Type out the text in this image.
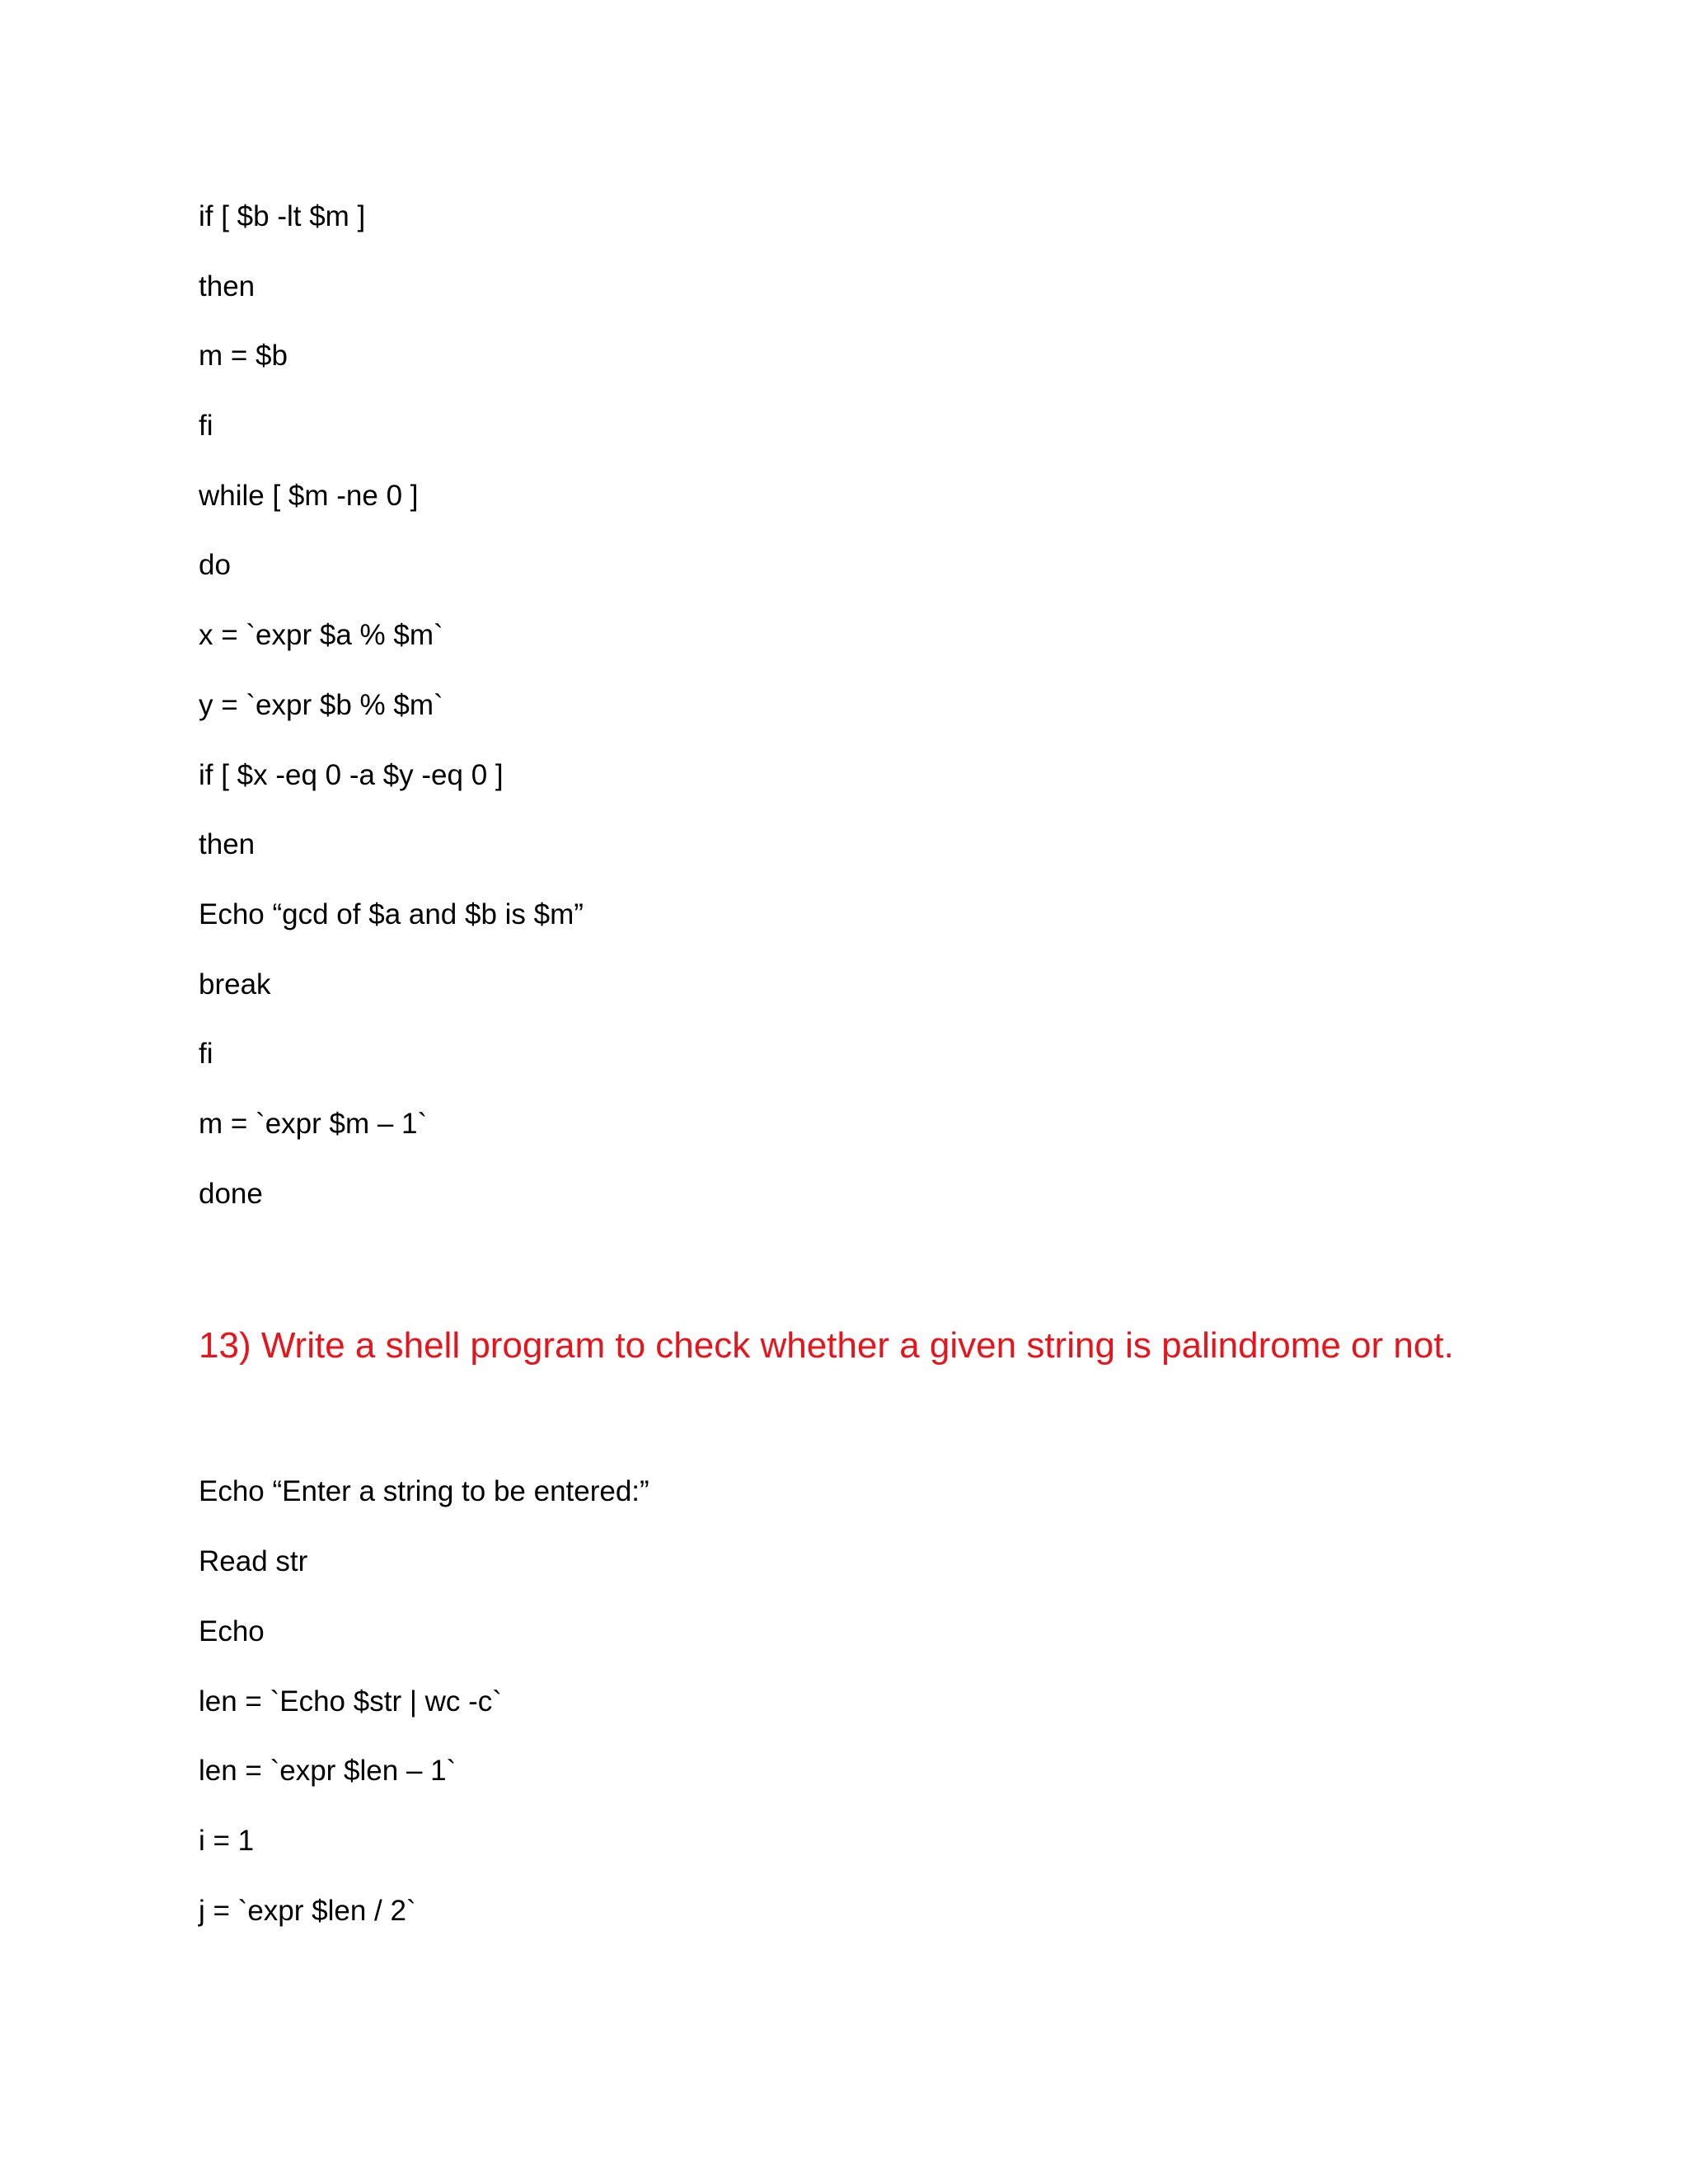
if [ $b -lt $m ]

then

m = $b

fi

while [ $m -ne 0 ]

do

x = `expr $a % $m`

y = `expr $b % $m`

if [ $x -eq 0 -a $y -eq 0 ]

then

Echo “gcd of $a and $b is $m”

break

fi

m = `expr $m – 1`

done

13) Write a shell program to check whether a given string is palindrome or not.

Echo “Enter a string to be entered:”

Read str

Echo

len = `Echo $str | wc -c`

len = `expr $len – 1`

i = 1

j = `expr $len / 2`
